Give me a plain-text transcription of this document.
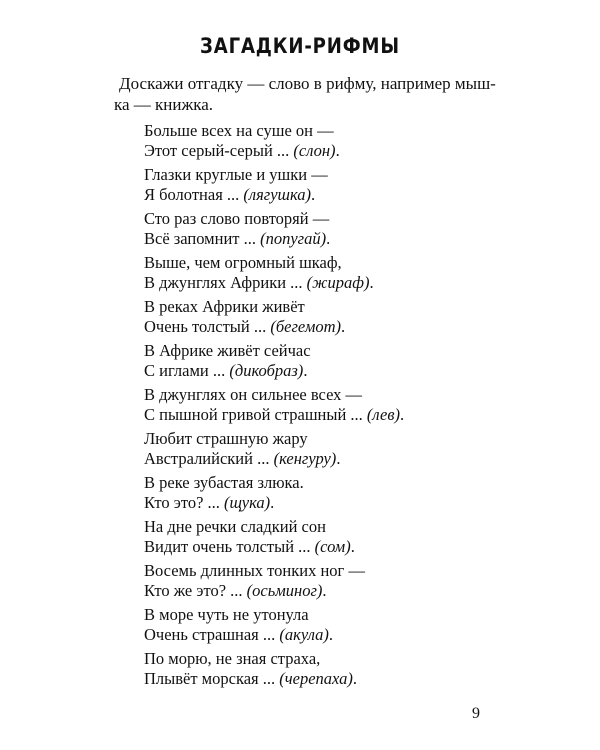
ЗАГАДКИ-РИФМЫ
Доскажи отгадку — слово в рифму, например мыш-
ка — книжка.
Больше всех на суше он —
Этот серый-серый ... (слон).
Глазки круглые и ушки —
Я болотная ... (лягушка).
Сто раз слово повторяй —
Всё запомнит ... (попугай).
Выше, чем огромный шкаф,
В джунглях Африки ... (жираф).
В реках Африки живёт
Очень толстый ... (бегемот).
В Африке живёт сейчас
С иглами ... (дикобраз).
В джунглях он сильнее всех —
С пышной гривой страшный ... (лев).
Любит страшную жару
Австралийский ... (кенгуру).
В реке зубастая злюка.
Кто это? ... (щука).
На дне речки сладкий сон
Видит очень толстый ... (сом).
Восемь длинных тонких ног —
Кто же это? ... (осьминог).
В море чуть не утонула
Очень страшная ... (акула).
По морю, не зная страха,
Плывёт морская ... (черепаха).
9
